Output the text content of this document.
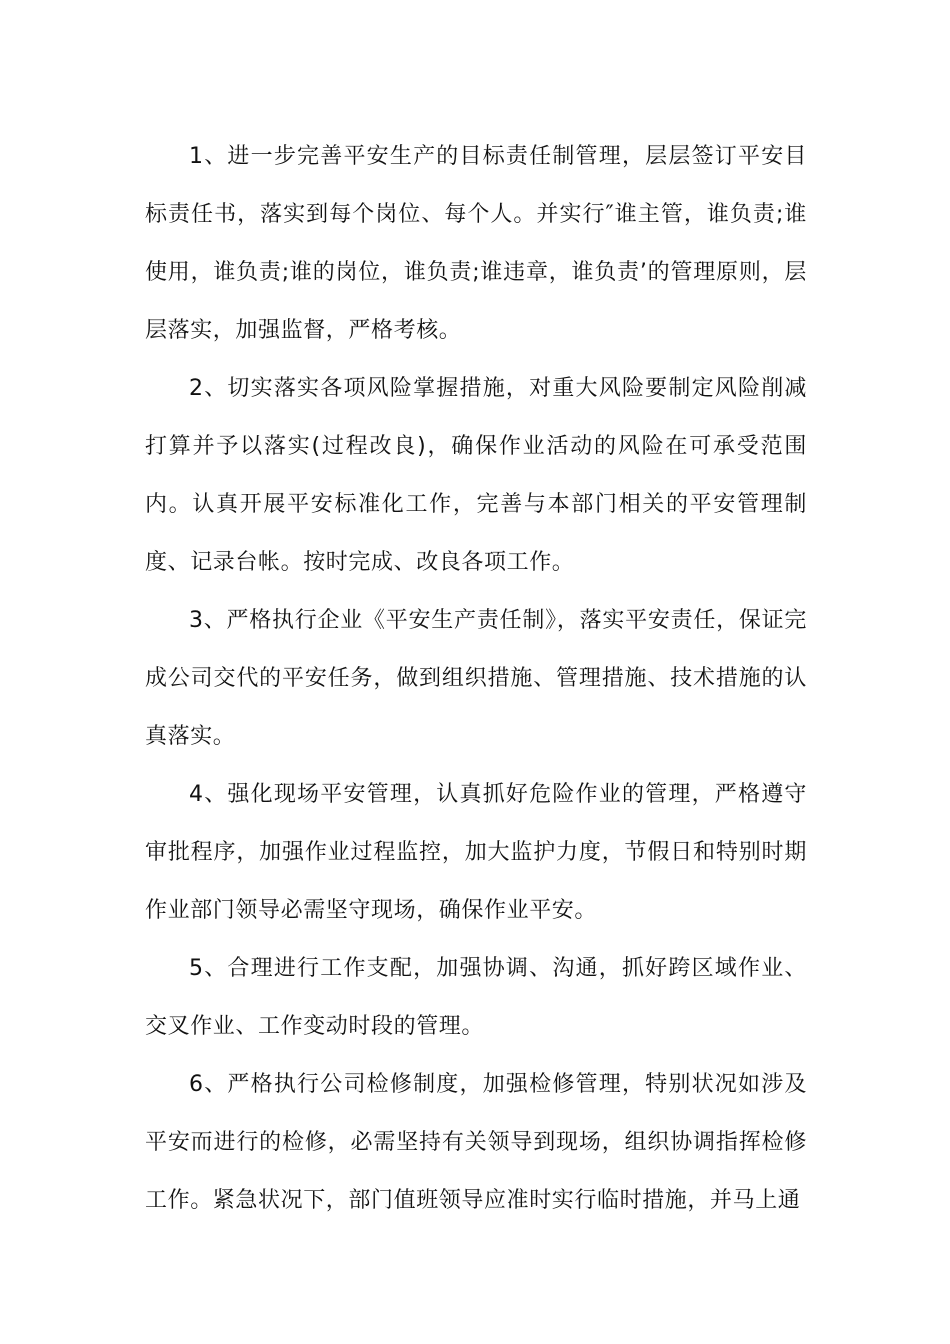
1、进一步完善平安生产的目标责任制管理，层层签订平安目标责任书，落实到每个岗位、每个人。并实行″谁主管，谁负责;谁使用，谁负责;谁的岗位，谁负责;谁违章，谁负责’的管理原则，层层落实，加强监督，严格考核。

2、切实落实各项风险掌握措施，对重大风险要制定风险削减打算并予以落实(过程改良)，确保作业活动的风险在可承受范围内。认真开展平安标准化工作，完善与本部门相关的平安管理制度、记录台帐。按时完成、改良各项工作。

3、严格执行企业《平安生产责任制》，落实平安责任，保证完成公司交代的平安任务，做到组织措施、管理措施、技术措施的认真落实。

4、强化现场平安管理，认真抓好危险作业的管理，严格遵守审批程序，加强作业过程监控，加大监护力度，节假日和特别时期作业部门领导必需坚守现场，确保作业平安。

5、合理进行工作支配，加强协调、沟通，抓好跨区域作业、交叉作业、工作变动时段的管理。

6、严格执行公司检修制度，加强检修管理，特别状况如涉及平安而进行的检修，必需坚持有关领导到现场，组织协调指挥检修工作。紧急状况下，部门值班领导应准时实行临时措施，并马上通
